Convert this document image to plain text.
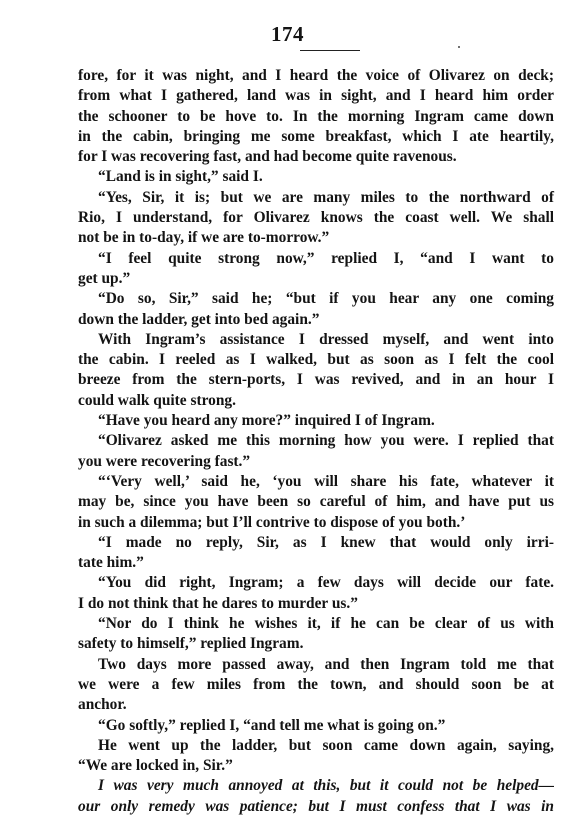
174
fore, for it was night, and I heard the voice of Olivarez on deck;
from what I gathered, land was in sight, and I heard him order
the schooner to be hove to. In the morning Ingram came down
in the cabin, bringing me some breakfast, which I ate heartily,
for I was recovering fast, and had become quite ravenous.
“Land is in sight,” said I.
“Yes, Sir, it is; but we are many miles to the northward of
Rio, I understand, for Olivarez knows the coast well. We shall
not be in to-day, if we are to-morrow.”
“I feel quite strong now,” replied I, “and I want to
get up.”
“Do so, Sir,” said he; “but if you hear any one coming
down the ladder, get into bed again.”
With Ingram’s assistance I dressed myself, and went into
the cabin. I reeled as I walked, but as soon as I felt the cool
breeze from the stern-ports, I was revived, and in an hour I
could walk quite strong.
“Have you heard any more?” inquired I of Ingram.
“Olivarez asked me this morning how you were. I replied that
you were recovering fast.”
“‘Very well,’ said he, ‘you will share his fate, whatever it
may be, since you have been so careful of him, and have put us
in such a dilemma; but I’ll contrive to dispose of you both.’
“I made no reply, Sir, as I knew that would only irri-
tate him.”
“You did right, Ingram; a few days will decide our fate.
I do not think that he dares to murder us.”
“Nor do I think he wishes it, if he can be clear of us with
safety to himself,” replied Ingram.
Two days more passed away, and then Ingram told me that
we were a few miles from the town, and should soon be at
anchor.
“Go softly,” replied I, “and tell me what is going on.”
He went up the ladder, but soon came down again, saying,
“We are locked in, Sir.”
I was very much annoyed at this, but it could not be helped—
our only remedy was patience; but I must confess that I was in
